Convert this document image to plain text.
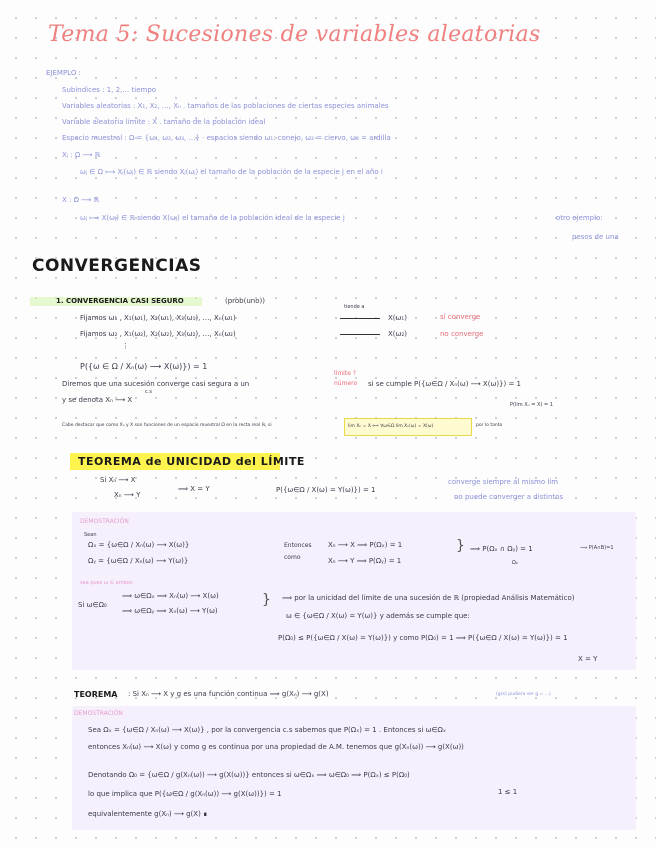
Tema 5: Sucesiones de variables aleatorias
EJEMPLO :
Subíndices : 1, 2,… tiempo
Variables aleatorias : X₁, X₂, …, Xₙ . tamaños de las poblaciones de ciertas especies animales
Variable aleatoria límite : X . tamaño de la población ideal
Espacio muestral : Ω = {ω₁, ω₂, ω₃, …} · espacios siendo ω₁: conejo, ω₂ = ciervo, ω₃ = ardilla
Xⱼ : Ω ⟶ ℝ
ωⱼ ∈ Ω ⟼ Xⱼ(ωⱼ) ∈ ℝ siendo Xⱼ(ωⱼ) el tamaño de la población de la especie j en el año i
X : Ω ⟶ ℝ
ωⱼ ⟼ X(ωⱼ) ∈ ℝ siendo X(ωⱼ) el tamaño de la población ideal de la especie j	otro ejemplo:
pesos de una
CONVERGENCIAS
1. CONVERGENCIA CASI SEGURO	(prob(uno))
Fijamos ω₁ , X₁(ω₁), X₂(ω₁), X₃(ω₁), …, Xₙ(ω₁)
tiende a
X(ω₁)	sí converge
Fijamos ω₂ , X₁(ω₂), X₂(ω₂), X₃(ω₂), …, Xₙ(ω₂)	X(ω₂)	no converge
⋮
P({ω ∈ Ω / Xₙ(ω) ⟶ X(ω)}) = 1
Diremos que una sucesión converge casi segura a un
límite ?
número si se cumple P({ω∈Ω / Xₙ(ω) ⟶ X(ω)}) = 1
y se denota Xₙ ⟶ X
c.s
P(lim Xₙ = X) = 1
Cabe destacar que como Xₙ y X son funciones de un espacio muestral Ω en la recta real ℝ, si	lim Xₙ = X ⟺ ∀ω∈Ω lim Xₙ(ω) = X(ω)	por lo tanto
TEOREMA de UNICIDAD del LÍMITE
Si Xₙ ⟶ X
Xₙ ⟶ Y
⟹ X = Y	P({ω∈Ω / X(ω) = Y(ω)}) = 1
converge siempre al mismo lím
no puede converger a distintos
DEMOSTRACIÓN
Sean
Ωₓ = {ω∈Ω / Xₙ(ω) ⟶ X(ω)}
Ωᵧ = {ω∈Ω / Xₙ(ω) ⟶ Y(ω)}
Entonces
como
Xₙ ⟶ X ⟹ P(Ωₓ) = 1
Xₙ ⟶ Y ⟹ P(Ωᵧ) = 1
} ⟹ P(Ωₓ ∩ Ωᵧ) = 1
Ω₀
⟹ P(A∩B)=1
sea pues ω ∈ ambos
Si ω∈Ω₀
⟹ ω∈Ωₓ ⟹ Xₙ(ω) ⟶ X(ω)
⟹ ω∈Ωᵧ ⟹ Xₙ(ω) ⟶ Y(ω)
} ⟹ por la unicidad del límite de una sucesión de ℝ (propiedad Análisis Matemático)
ω ∈ {ω∈Ω / X(ω) = Y(ω)} y además se cumple que:
P(Ω₀) ≤ P({ω∈Ω / X(ω) = Y(ω)}) y como P(Ω₀) = 1 ⟹ P({ω∈Ω / X(ω) = Y(ω)}) = 1
X = Y
TEOREMA : Si Xₙ ⟶ X y g es una función continua ⟹ g(Xₙ) ⟶ g(X)	(g(x) pudiera ser g = ...)
DEMOSTRACIÓN
Sea Ωₓ = {ω∈Ω / Xₙ(ω) ⟶ X(ω)} , por la convergencia c.s sabemos que P(Ωₓ) = 1 . Entonces si ω∈Ωₓ
entonces Xₙ(ω) ⟶ X(ω) y como g es continua por una propiedad de A.M. tenemos que g(Xₙ(ω)) ⟶ g(X(ω))
Denotando Ω₀ = {ω∈Ω / g(Xₙ(ω)) ⟶ g(X(ω))} entonces si ω∈Ωₓ ⟹ ω∈Ω₀ ⟹ P(Ωₓ) ≤ P(Ω₀)
lo que implica que P({ω∈Ω / g(Xₙ(ω)) ⟶ g(X(ω))}) = 1	1 ≤ 1
equivalentemente g(Xₙ) ⟶ g(X) ∎
